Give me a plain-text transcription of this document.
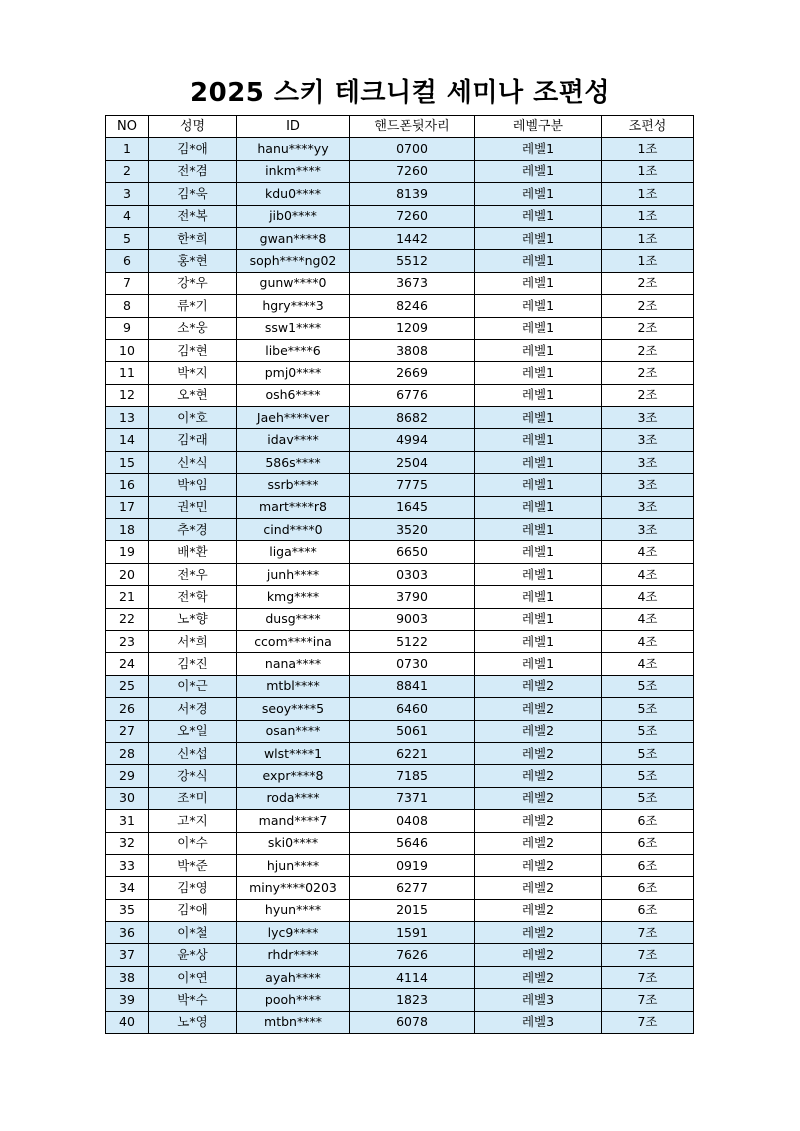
2025 스키 테크니컬 세미나 조편성
NO	성명	ID	핸드폰뒷자리	레벨구분	조편성
1	김*애	hanu****yy	0700	레벨1	1조
2	전*겸	inkm****	7260	레벨1	1조
3	김*욱	kdu0****	8139	레벨1	1조
4	전*복	jib0****	7260	레벨1	1조
5	한*희	gwan****8	1442	레벨1	1조
6	홍*현	soph****ng02	5512	레벨1	1조
7	강*우	gunw****0	3673	레벨1	2조
8	류*기	hgry****3	8246	레벨1	2조
9	소*웅	ssw1****	1209	레벨1	2조
10	김*현	libe****6	3808	레벨1	2조
11	박*지	pmj0****	2669	레벨1	2조
12	오*현	osh6****	6776	레벨1	2조
13	이*호	Jaeh****ver	8682	레벨1	3조
14	김*래	idav****	4994	레벨1	3조
15	신*식	586s****	2504	레벨1	3조
16	박*임	ssrb****	7775	레벨1	3조
17	권*민	mart****r8	1645	레벨1	3조
18	추*경	cind****0	3520	레벨1	3조
19	배*환	liga****	6650	레벨1	4조
20	전*우	junh****	0303	레벨1	4조
21	전*학	kmg****	3790	레벨1	4조
22	노*향	dusg****	9003	레벨1	4조
23	서*희	ccom****ina	5122	레벨1	4조
24	김*진	nana****	0730	레벨1	4조
25	이*근	mtbl****	8841	레벨2	5조
26	서*경	seoy****5	6460	레벨2	5조
27	오*일	osan****	5061	레벨2	5조
28	신*섭	wlst****1	6221	레벨2	5조
29	강*식	expr****8	7185	레벨2	5조
30	조*미	roda****	7371	레벨2	5조
31	고*지	mand****7	0408	레벨2	6조
32	이*수	ski0****	5646	레벨2	6조
33	박*준	hjun****	0919	레벨2	6조
34	김*영	miny****0203	6277	레벨2	6조
35	김*애	hyun****	2015	레벨2	6조
36	이*철	lyc9****	1591	레벨2	7조
37	윤*상	rhdr****	7626	레벨2	7조
38	이*연	ayah****	4114	레벨2	7조
39	박*수	pooh****	1823	레벨3	7조
40	노*영	mtbn****	6078	레벨3	7조
